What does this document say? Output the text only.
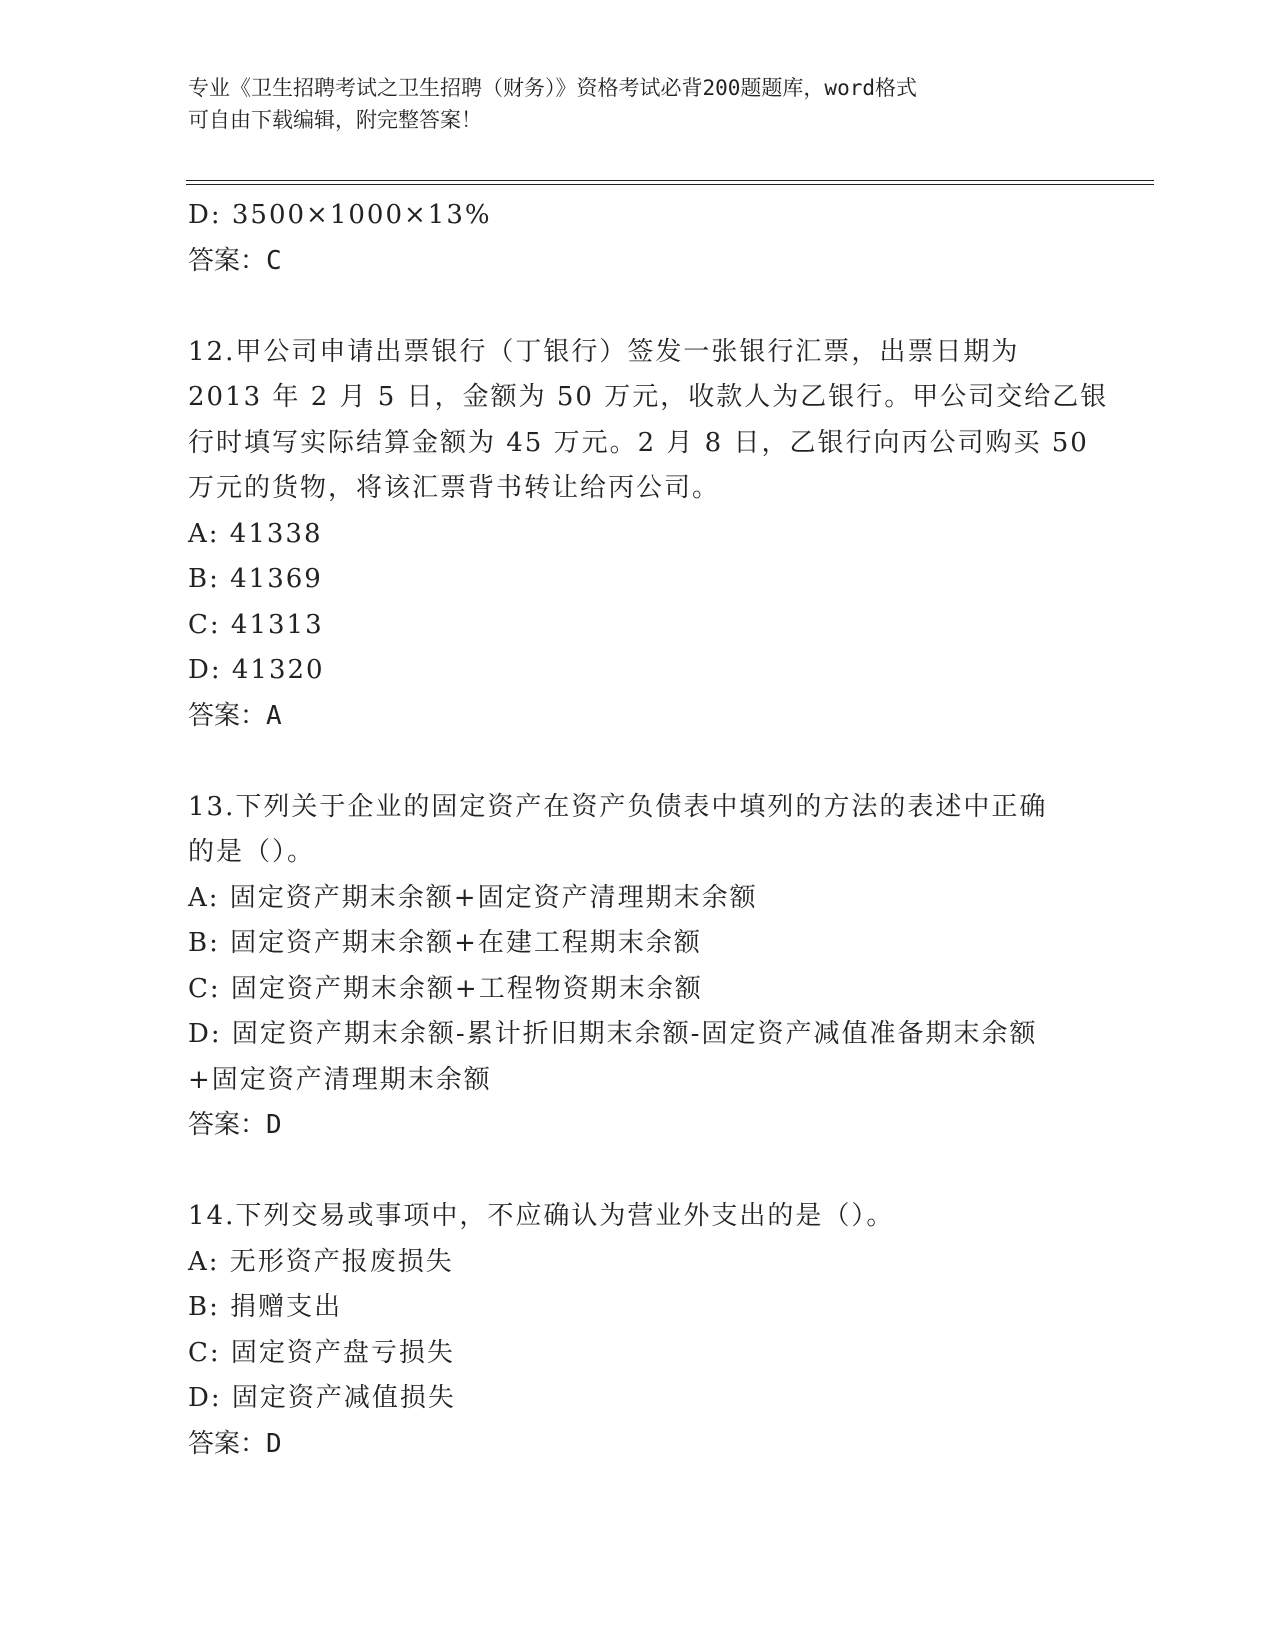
专业《卫生招聘考试之卫生招聘（财务）》资格考试必背200题题库，word格式
可自由下载编辑，附完整答案！
D: 3500×1000×13%
答案：C
12.甲公司申请出票银行（丁银行）签发一张银行汇票，出票日期为
2013 年 2 月 5 日，金额为 50 万元，收款人为乙银行。甲公司交给乙银
行时填写实际结算金额为 45 万元。2 月 8 日，乙银行向丙公司购买 50
万元的货物，将该汇票背书转让给丙公司。
A: 41338
B: 41369
C: 41313
D: 41320
答案：A
13.下列关于企业的固定资产在资产负债表中填列的方法的表述中正确
的是（）。
A: 固定资产期末余额+固定资产清理期末余额
B: 固定资产期末余额+在建工程期末余额
C: 固定资产期末余额+工程物资期末余额
D: 固定资产期末余额-累计折旧期末余额-固定资产减值准备期末余额
+固定资产清理期末余额
答案：D
14.下列交易或事项中，不应确认为营业外支出的是（）。
A: 无形资产报废损失
B: 捐赠支出
C: 固定资产盘亏损失
D: 固定资产减值损失
答案：D
